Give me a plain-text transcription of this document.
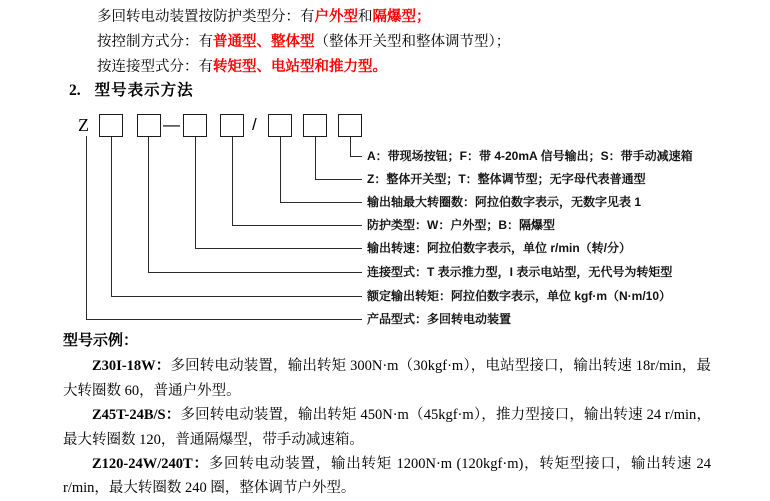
多回转电动装置按防护类型分：有户外型和隔爆型；
按控制方式分：有普通型、整体型（整体开关型和整体调节型）；
按连接型式分：有转矩型、电站型和推力型。
2. 型号表示方法
Z	—	/
A：带现场按钮；F：带 4-20mA 信号输出；S：带手动减速箱
Z：整体开关型；T：整体调节型；无字母代表普通型
输出轴最大转圈数：阿拉伯数字表示，无数字见表 1
防护类型：W：户外型；B：隔爆型
输出转速：阿拉伯数字表示，单位 r/min（转/分）
连接型式：T 表示推力型，I 表示电站型，无代号为转矩型
额定输出转矩：阿拉伯数字表示，单位 kgf·m（N·m/10）
产品型式：多回转电动装置
型号示例：

Z30I-18W：多回转电动装置，输出转矩 300N·m（30kgf·m），电站型接口，输出转速 18r/min，最大转圈数 60，普通户外型。

Z45T-24B/S：多回转电动装置，输出转矩 450N·m（45kgf·m），推力型接口，输出转速 24 r/min，最大转圈数 120，普通隔爆型，带手动减速箱。

Z120-24W/240T：多回转电动装置，输出转矩 1200N·m (120kgf·m)，转矩型接口，输出转速 24 r/min，最大转圈数 240 圈，整体调节户外型。
